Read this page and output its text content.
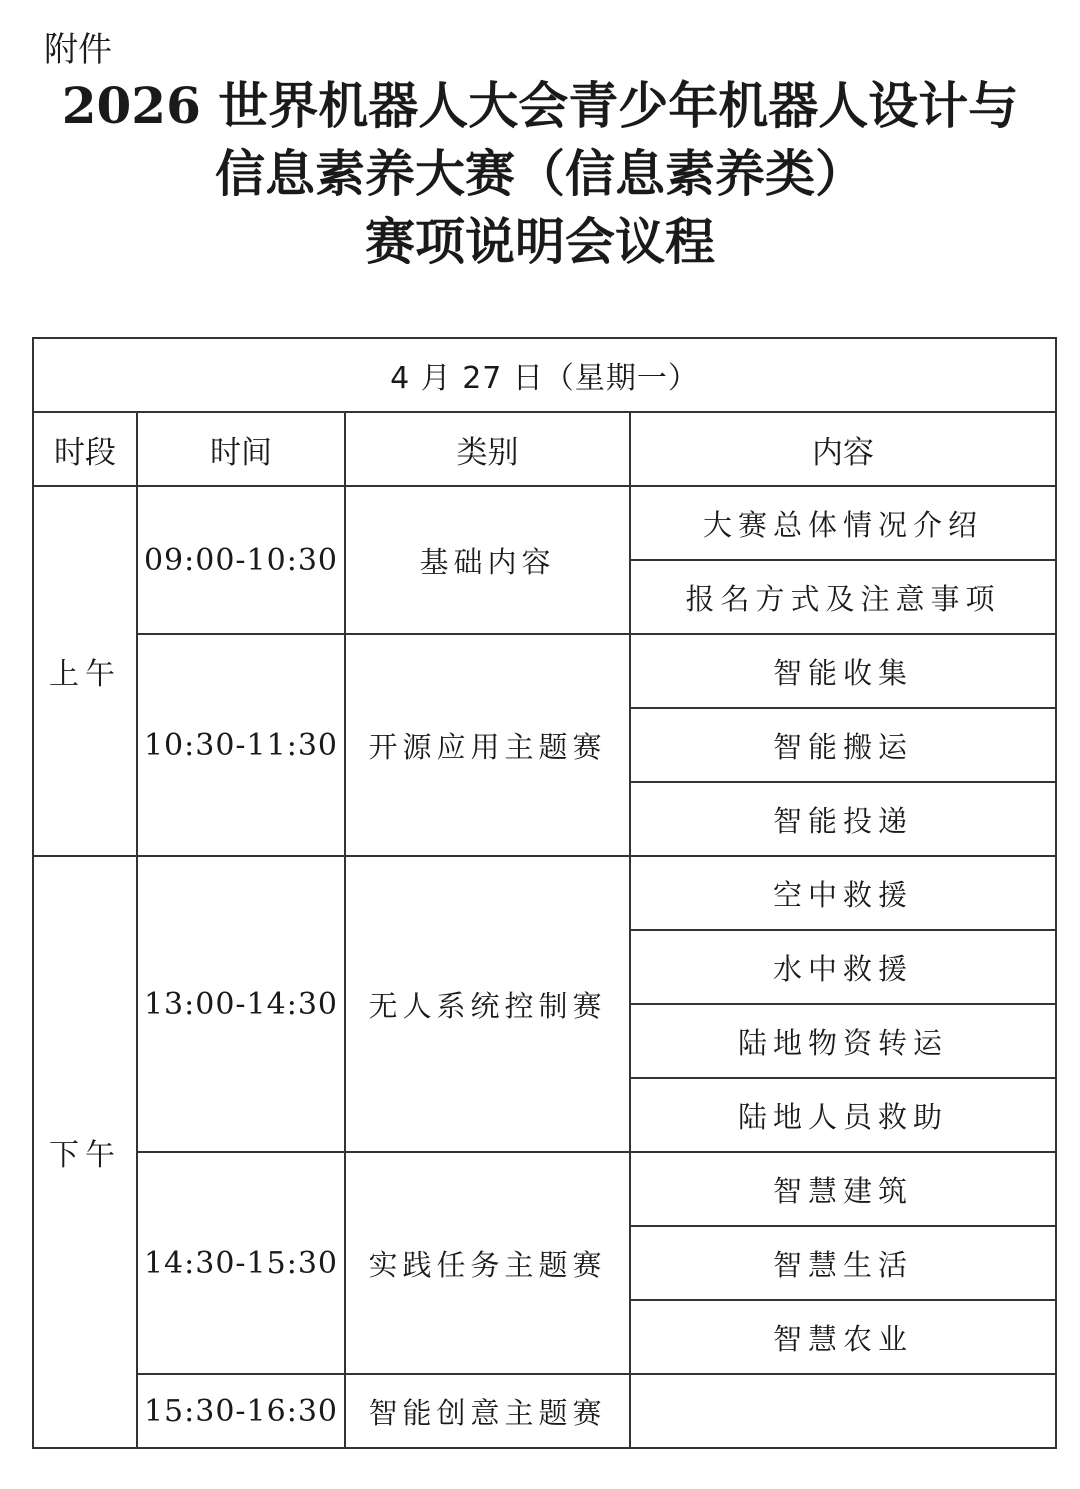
附件
2026 世界机器人大会青少年机器人设计与
信息素养大赛（信息素养类）
赛项说明会议程
4 月 27 日（星期一）			
时段	时间	类别	内容
上午	09:00-10:30	基础内容	大赛总体情况介绍
			报名方式及注意事项
	10:30-11:30	开源应用主题赛	智能收集
			智能搬运
			智能投递
下午	13:00-14:30	无人系统控制赛	空中救援
			水中救援
			陆地物资转运
			陆地人员救助
	14:30-15:30	实践任务主题赛	智慧建筑
			智慧生活
			智慧农业
	15:30-16:30	智能创意主题赛	
